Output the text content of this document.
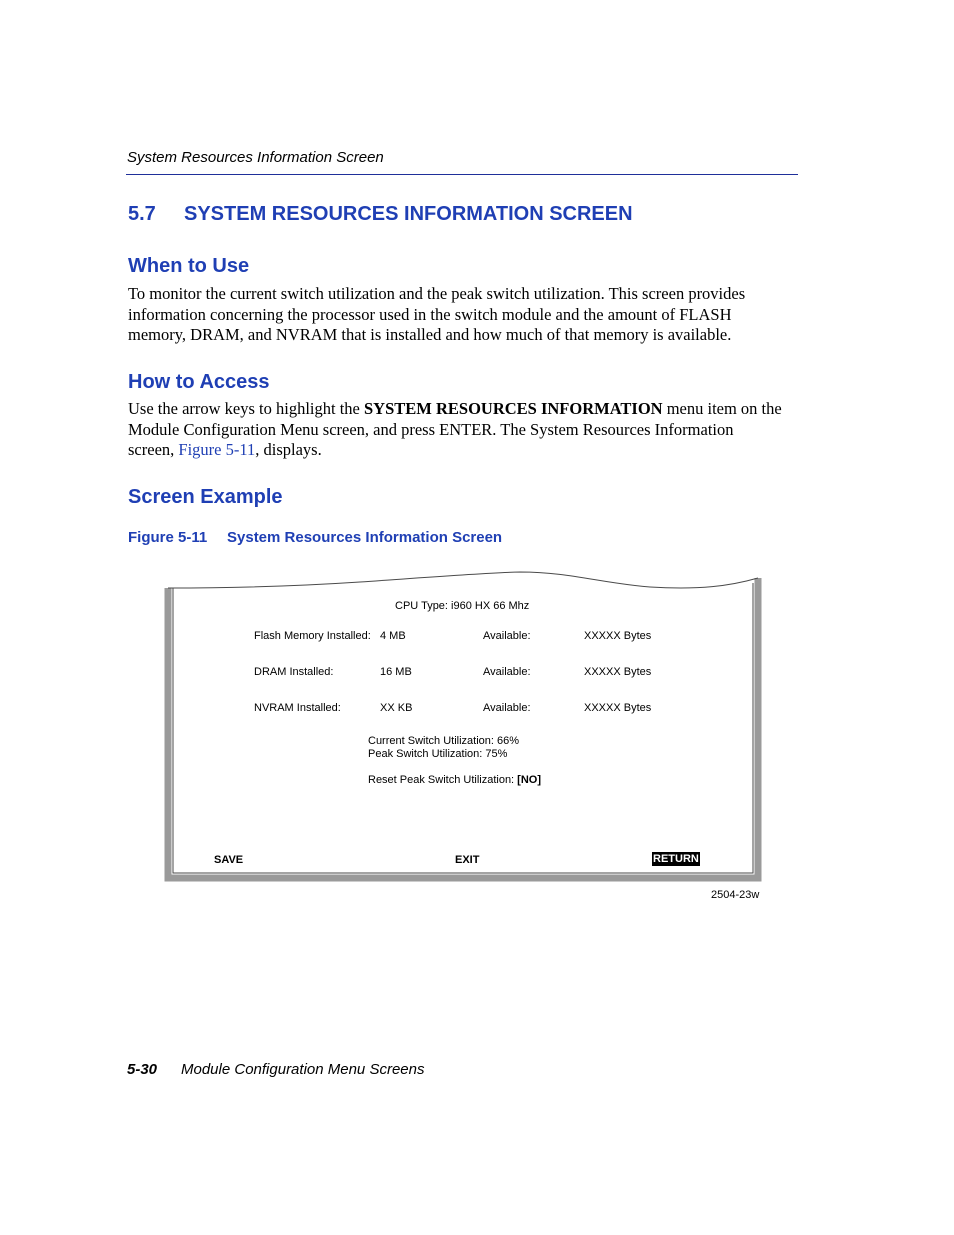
System Resources Information Screen
5.7 SYSTEM RESOURCES INFORMATION SCREEN
When to Use
To monitor the current switch utilization and the peak switch utilization. This screen provides
information concerning the processor used in the switch module and the amount of FLASH
memory, DRAM, and NVRAM that is installed and how much of that memory is available.
How to Access
Use the arrow keys to highlight the SYSTEM RESOURCES INFORMATION menu item on the
Module Configuration Menu screen, and press ENTER. The System Resources Information
screen, Figure 5-11, displays.
Screen Example
Figure 5-11 System Resources Information Screen
CPU Type: i960 HX 66 Mhz
Flash Memory Installed: 4 MB	Available:	XXXXX Bytes
DRAM Installed:	16 MB	Available:	XXXXX Bytes
NVRAM Installed:	XX KB	Available:	XXXXX Bytes
Current Switch Utilization: 66%
Peak Switch Utilization: 75%
Reset Peak Switch Utilization: [NO]
SAVE	EXIT	RETURN
2504-23w
5-30 Module Configuration Menu Screens
